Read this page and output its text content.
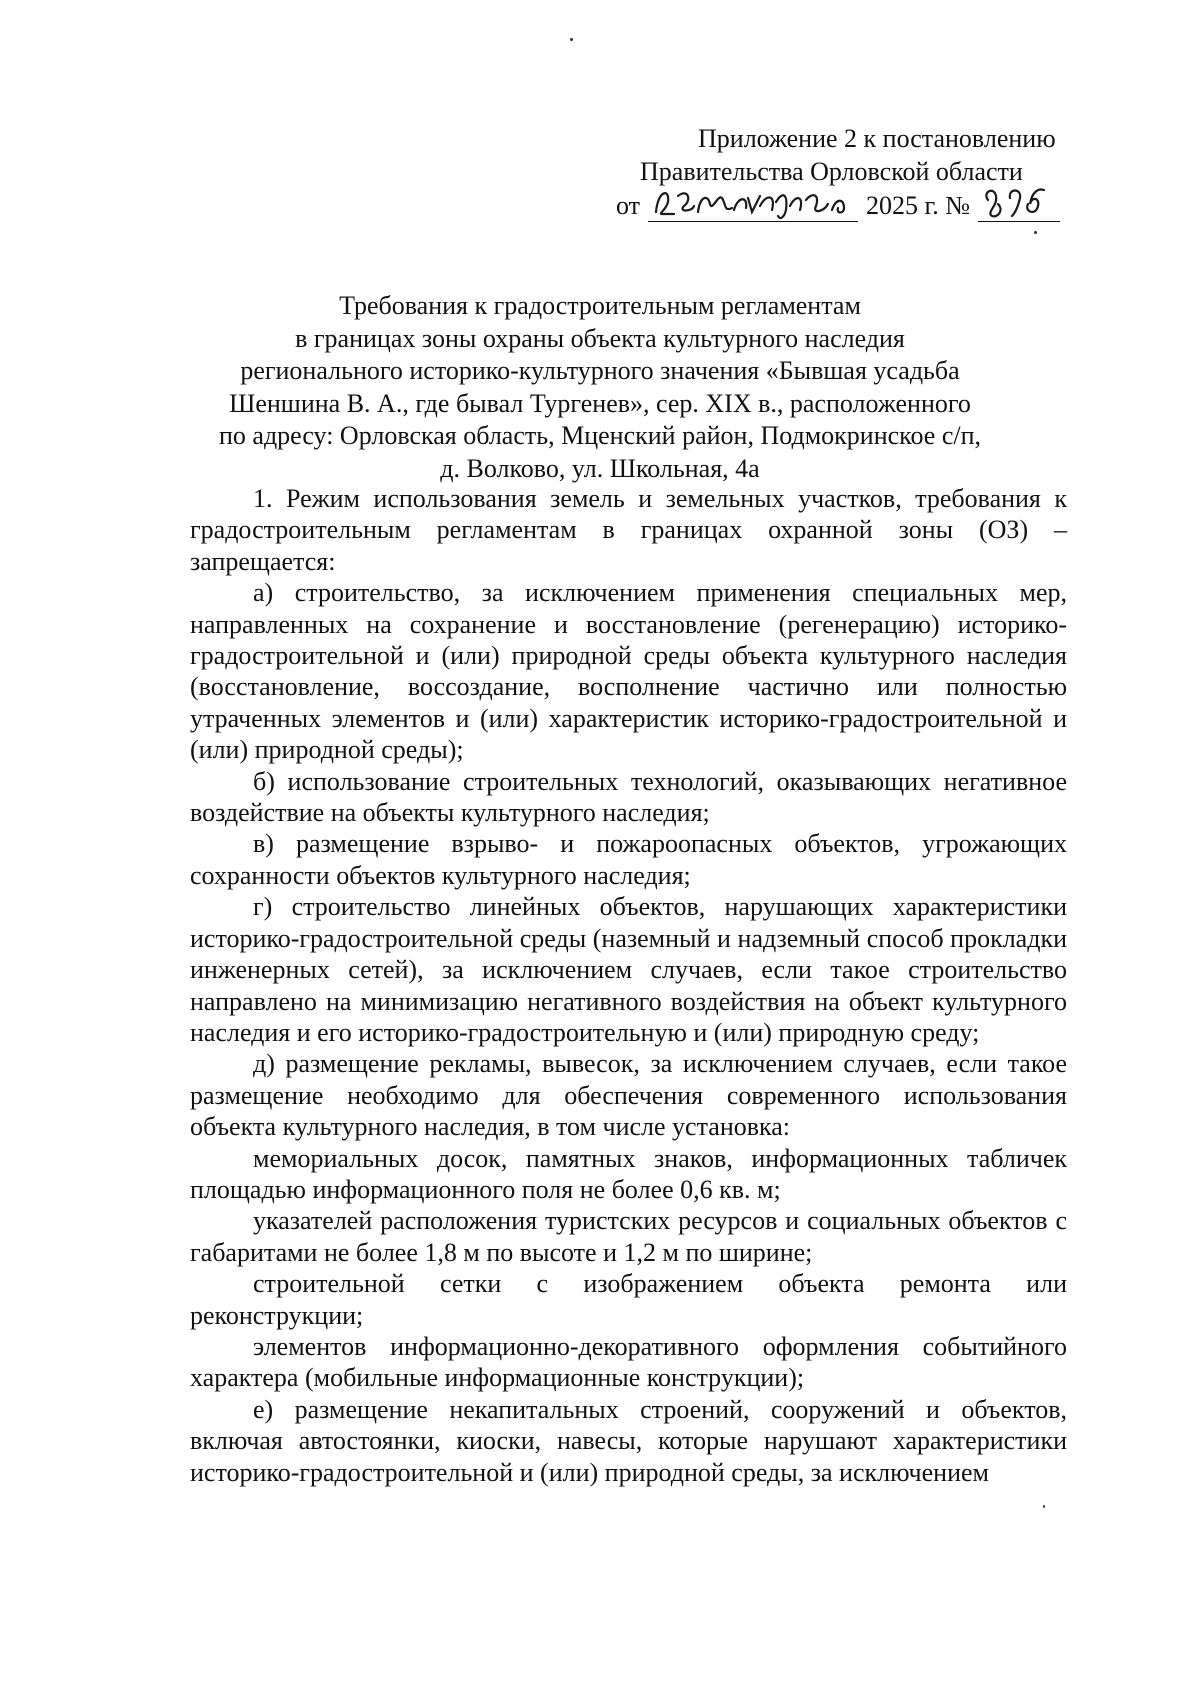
Приложение 2 к постановлению
Правительства Орловской области
от	2025 г. №
Требования к градостроительным регламентам
в границах зоны охраны объекта культурного наследия
регионального историко-культурного значения «Бывшая усадьба
Шеншина В. А., где бывал Тургенев», сер. XIX в., расположенного
по адресу: Орловская область, Мценский район, Подмокринское с/п,
д. Волково, ул. Школьная, 4а

1. Режим использования земель и земельных участков, требования к градостроительным регламентам в границах охранной зоны (ОЗ) – запрещается:

а) строительство, за исключением применения специальных мер, направленных на сохранение и восстановление (регенерацию) историко-градостроительной и (или) природной среды объекта культурного наследия (восстановление, воссоздание, восполнение частично или полностью утраченных элементов и (или) характеристик историко-градостроительной и (или) природной среды);

б) использование строительных технологий, оказывающих негативное воздействие на объекты культурного наследия;

в) размещение взрыво- и пожароопасных объектов, угрожающих сохранности объектов культурного наследия;

г) строительство линейных объектов, нарушающих характеристики историко-градостроительной среды (наземный и надземный способ прокладки инженерных сетей), за исключением случаев, если такое строительство направлено на минимизацию негативного воздействия на объект культурного наследия и его историко-градостроительную и (или) природную среду;

д) размещение рекламы, вывесок, за исключением случаев, если такое размещение необходимо для обеспечения современного использования объекта культурного наследия, в том числе установка:

мемориальных досок, памятных знаков, информационных табличек площадью информационного поля не более 0,6 кв. м;

указателей расположения туристских ресурсов и социальных объектов с габаритами не более 1,8 м по высоте и 1,2 м по ширине;

строительной сетки с изображением объекта ремонта или реконструкции;

элементов информационно-декоративного оформления событийного характера (мобильные информационные конструкции);

е) размещение некапитальных строений, сооружений и объектов, включая автостоянки, киоски, навесы, которые нарушают характеристики историко-градостроительной и (или) природной среды, за исключением
